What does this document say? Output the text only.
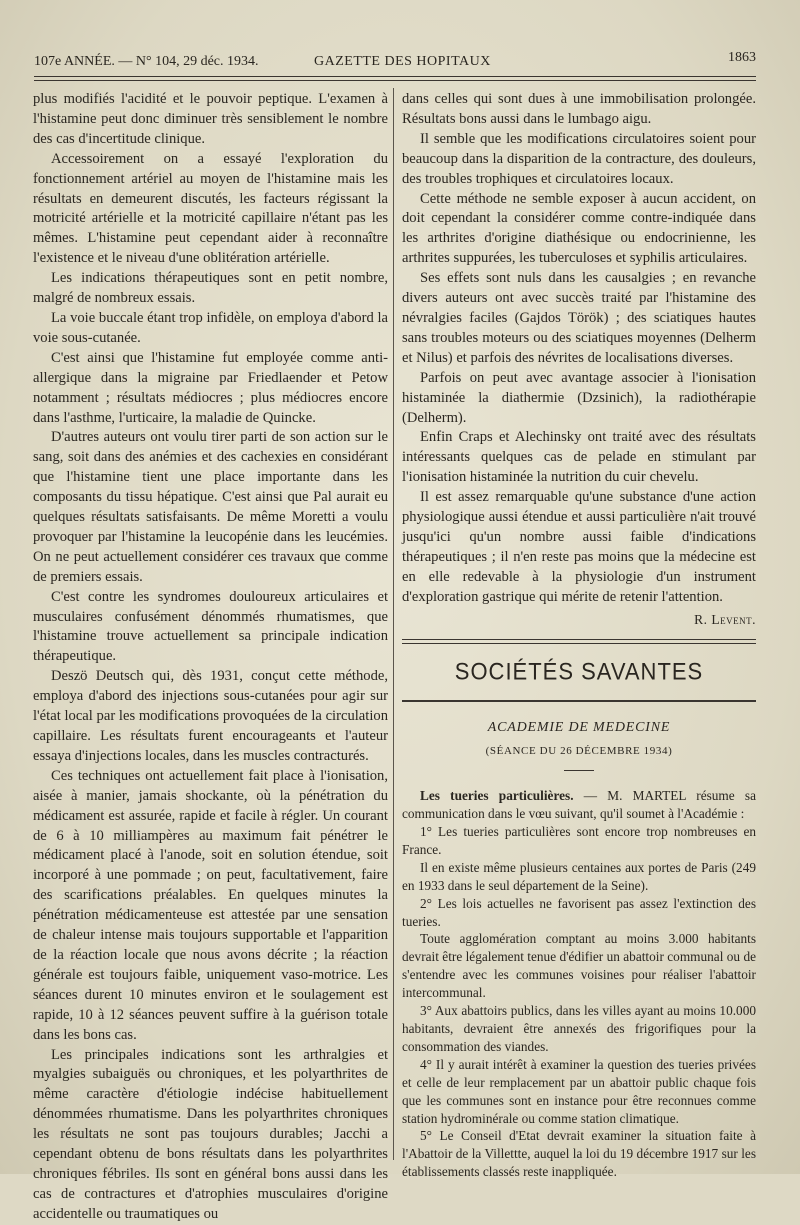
107e ANNÉE. — N° 104, 29 déc. 1934.	GAZETTE DES HOPITAUX	1863

plus modifiés l'acidité et le pouvoir peptique. L'examen à l'histamine peut donc diminuer très sensiblement le nombre des cas d'incertitude clinique.

Accessoirement on a essayé l'exploration du fonctionnement artériel au moyen de l'histamine mais les résultats en demeurent discutés, les facteurs régissant la motricité artérielle et la motricité capillaire n'étant pas les mêmes. L'histamine peut cependant aider à reconnaître l'existence et le niveau d'une oblitération artérielle.

Les indications thérapeutiques sont en petit nombre, malgré de nombreux essais.

La voie buccale étant trop infidèle, on employa d'abord la voie sous-cutanée.

C'est ainsi que l'histamine fut employée comme anti-allergique dans la migraine par Friedlaender et Petow notamment ; résultats médiocres ; plus médiocres encore dans l'asthme, l'urticaire, la maladie de Quincke.

D'autres auteurs ont voulu tirer parti de son action sur le sang, soit dans des anémies et des cachexies en considérant que l'histamine tient une place importante dans les composants du tissu hépatique. C'est ainsi que Pal aurait eu quelques résultats satisfaisants. De même Moretti a voulu provoquer par l'histamine la leucopénie dans les leucémies. On ne peut actuellement considérer ces travaux que comme de premiers essais.

C'est contre les syndromes douloureux articulaires et musculaires confusément dénommés rhumatismes, que l'histamine trouve actuellement sa principale indication thérapeutique.

Deszö Deutsch qui, dès 1931, conçut cette méthode, employa d'abord des injections sous-cutanées pour agir sur l'état local par les modifications provoquées de la circulation capillaire. Les résultats furent encourageants et l'auteur essaya d'injections locales, dans les muscles contracturés.

Ces techniques ont actuellement fait place à l'ionisation, aisée à manier, jamais shockante, où la pénétration du médicament est assurée, rapide et facile à régler. Un courant de 6 à 10 milliampères au maximum fait pénétrer le médicament placé à l'anode, soit en solution étendue, soit incorporé à une pommade ; on peut, facultativement, faire des scarifications préalables. En quelques minutes la pénétration médicamenteuse est attestée par une sensation de chaleur intense mais toujours supportable et l'apparition de la réaction locale que nous avons décrite ; la réaction générale est toujours faible, uniquement vaso-motrice. Les séances durent 10 minutes environ et le soulagement est rapide, 10 à 12 séances peuvent suffire à la guérison totale dans les bons cas.

Les principales indications sont les arthralgies et myalgies subaiguës ou chroniques, et les polyarthrites de même caractère d'étiologie indécise habituellement dénommées rhumatisme. Dans les polyarthrites chroniques les résultats ne sont pas toujours durables; Jacchi a cependant obtenu de bons résultats dans les polyarthrites chroniques fébriles. Ils sont en général bons aussi dans les cas de contractures et d'atrophies musculaires d'origine accidentelle ou traumatiques ou

dans celles qui sont dues à une immobilisation prolongée. Résultats bons aussi dans le lumbago aigu.

Il semble que les modifications circulatoires soient pour beaucoup dans la disparition de la contracture, des douleurs, des troubles trophiques et circulatoires locaux.

Cette méthode ne semble exposer à aucun accident, on doit cependant la considérer comme contre-indiquée dans les arthrites d'origine diathésique ou endocrinienne, les arthrites suppurées, les tuberculoses et syphilis articulaires.

Ses effets sont nuls dans les causalgies ; en revanche divers auteurs ont avec succès traité par l'histamine des névralgies faciles (Gajdos Török) ; des sciatiques hautes sans troubles moteurs ou des sciatiques moyennes (Delherm et Nilus) et parfois des névrites de localisations diverses.

Parfois on peut avec avantage associer à l'ionisation histaminée la diathermie (Dzsinich), la radiothérapie (Delherm).

Enfin Craps et Alechinsky ont traité avec des résultats intéressants quelques cas de pelade en stimulant par l'ionisation histaminée la nutrition du cuir chevelu.

Il est assez remarquable qu'une substance d'une action physiologique aussi étendue et aussi particulière n'ait trouvé jusqu'ici qu'un nombre aussi faible d'indications thérapeutiques ; il n'en reste pas moins que la médecine est en elle redevable à la physiologie d'un instrument d'exploration gastrique qui mérite de retenir l'attention.

R. Levent.
SOCIÉTÉS SAVANTES
ACADEMIE DE MEDECINE
(SÉANCE DU 26 DÉCEMBRE 1934)

Les tueries particulières. — M. MARTEL résume sa communication dans le vœu suivant, qu'il soumet à l'Académie :

1° Les tueries particulières sont encore trop nombreuses en France.

Il en existe même plusieurs centaines aux portes de Paris (249 en 1933 dans le seul département de la Seine).

2° Les lois actuelles ne favorisent pas assez l'extinction des tueries.

Toute agglomération comptant au moins 3.000 habitants devrait être légalement tenue d'édifier un abattoir communal ou de s'entendre avec les communes voisines pour réaliser l'abattoir intercommunal.

3° Aux abattoirs publics, dans les villes ayant au moins 10.000 habitants, devraient être annexés des frigorifiques pour la consommation des viandes.

4° Il y aurait intérêt à examiner la question des tueries privées et celle de leur remplacement par un abattoir public chaque fois que les communes sont en instance pour être reconnues comme station hydrominérale ou comme station climatique.

5° Le Conseil d'Etat devrait examiner la situation faite à l'Abattoir de la Villettte, auquel la loi du 19 décembre 1917 sur les établissements classés reste inappliquée.
